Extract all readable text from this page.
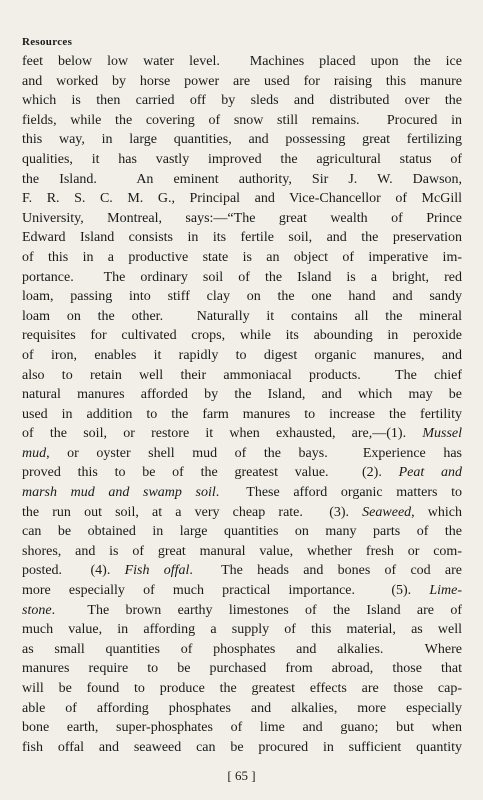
Resources
feet below low water level.  Machines placed upon the ice
and worked by horse power are used for raising this manure
which is then carried off by sleds and distributed over the
fields, while the covering of snow still remains.  Procured in
this way, in large quantities, and possessing great fertilizing
qualities, it has vastly improved the agricultural status of
the Island.  An eminent authority, Sir J. W. Dawson,
F. R. S. C. M. G., Principal and Vice-Chancellor of McGill
University, Montreal, says:—“The great wealth of Prince
Edward Island consists in its fertile soil, and the preservation
of this in a productive state is an object of imperative im-
portance.  The ordinary soil of the Island is a bright, red
loam, passing into stiff clay on the one hand and sandy
loam on the other.  Naturally it contains all the mineral
requisites for cultivated crops, while its abounding in peroxide
of iron, enables it rapidly to digest organic manures, and
also to retain well their ammoniacal products.  The chief
natural manures afforded by the Island, and which may be
used in addition to the farm manures to increase the fertility
of the soil, or restore it when exhausted, are,—(1). Mussel
mud, or oyster shell mud of the bays.  Experience has
proved this to be of the greatest value.  (2). Peat and
marsh mud and swamp soil.  These afford organic matters to
the run out soil, at a very cheap rate.  (3). Seaweed, which
can be obtained in large quantities on many parts of the
shores, and is of great manural value, whether fresh or com-
posted.  (4). Fish offal.  The heads and bones of cod are
more especially of much practical importance.  (5). Lime-
stone.  The brown earthy limestones of the Island are of
much value, in affording a supply of this material, as well
as small quantities of phosphates and alkalies.  Where
manures require to be purchased from abroad, those that
will be found to produce the greatest effects are those cap-
able of affording phosphates and alkalies, more especially
bone earth, super-phosphates of lime and guano; but when
fish offal and seaweed can be procured in sufficient quantity
[ 65 ]
